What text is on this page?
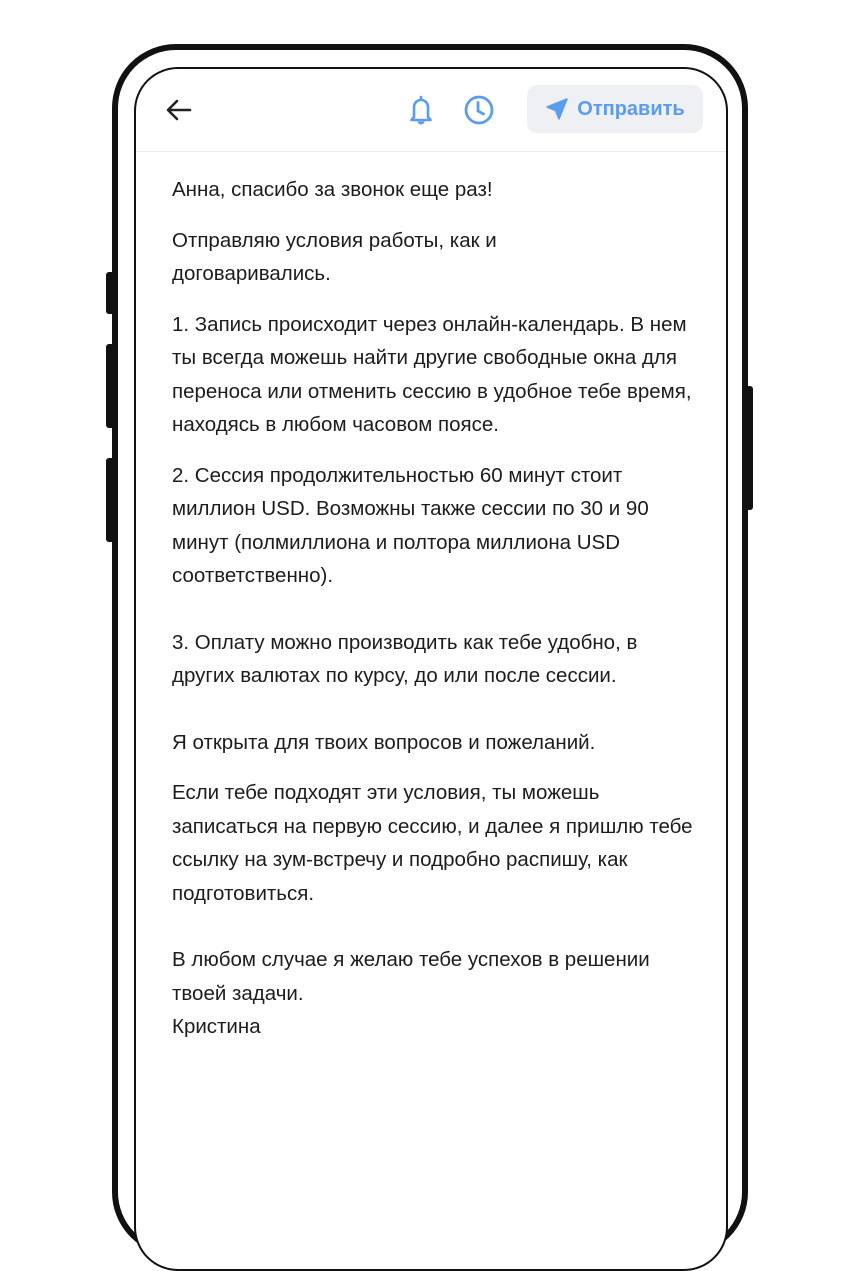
Отправить

Анна, спасибо за звонок еще раз!

Отправляю условия работы, как и договаривались.

1. Запись происходит через онлайн-календарь. В нем ты всегда можешь найти другие свободные окна для переноса или отменить сессию в удобное тебе время, находясь в любом часовом поясе.

2. Сессия продолжительностью 60 минут стоит миллион USD. Возможны также сессии по 30 и 90 минут (полмиллиона и полтора миллиона USD соответственно).

3. Оплату можно производить как тебе удобно, в других валютах по курсу, до или после сессии.

Я открыта для твоих вопросов и пожеланий.

Если тебе подходят эти условия, ты можешь записаться на первую сессию, и далее я пришлю тебе ссылку на зум-встречу и подробно распишу, как подготовиться.

В любом случае я желаю тебе успехов в решении твоей задачи.

Кристина
